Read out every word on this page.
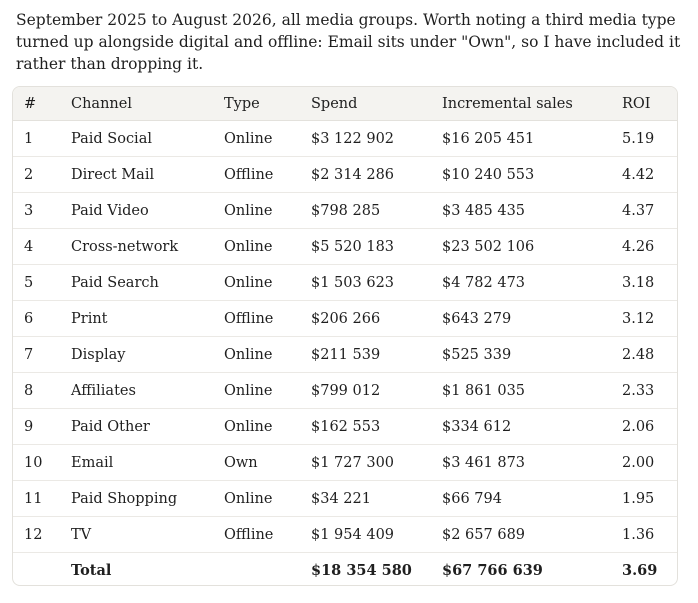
September 2025 to August 2026, all media groups. Worth noting a third media type turned up alongside digital and offline: Email sits under "Own", so I have included it rather than dropping it.
#	Channel	Type	Spend	Incremental sales	ROI
1	Paid Social	Online	$3 122 902	$16 205 451	5.19
2	Direct Mail	Offline	$2 314 286	$10 240 553	4.42
3	Paid Video	Online	$798 285	$3 485 435	4.37
4	Cross-network	Online	$5 520 183	$23 502 106	4.26
5	Paid Search	Online	$1 503 623	$4 782 473	3.18
6	Print	Offline	$206 266	$643 279	3.12
7	Display	Online	$211 539	$525 339	2.48
8	Affiliates	Online	$799 012	$1 861 035	2.33
9	Paid Other	Online	$162 553	$334 612	2.06
10	Email	Own	$1 727 300	$3 461 873	2.00
11	Paid Shopping	Online	$34 221	$66 794	1.95
12	TV	Offline	$1 954 409	$2 657 689	1.36
	Total		$18 354 580	$67 766 639	3.69
